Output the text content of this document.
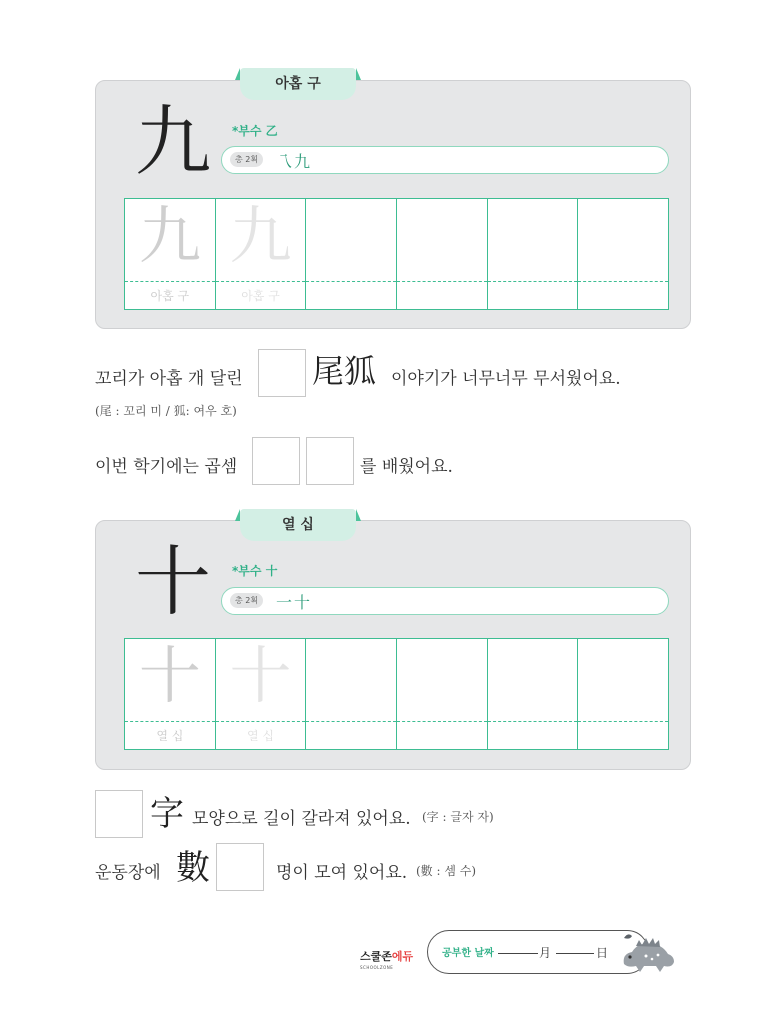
아홉 구
九 *부수 乙
총 2획	乁九
九
아홉 구
九
아홉 구
꼬리가 아홉 개 달린 尾狐 이야기가 너무너무 무서웠어요.
(尾 : 꼬리 미 / 狐: 여우 호)
이번 학기에는 곱셈	를 배웠어요.
열 십
十 *부수 十
총 2획	一十
十
열 십
十
열 십
字 모양으로 길이 갈라져 있어요. (字 : 글자 자)
운동장에 數	명이 모여 있어요. (數 : 셈 수)
스쿨존에듀
SCHOOLZONE
공부한 날짜	月	日
